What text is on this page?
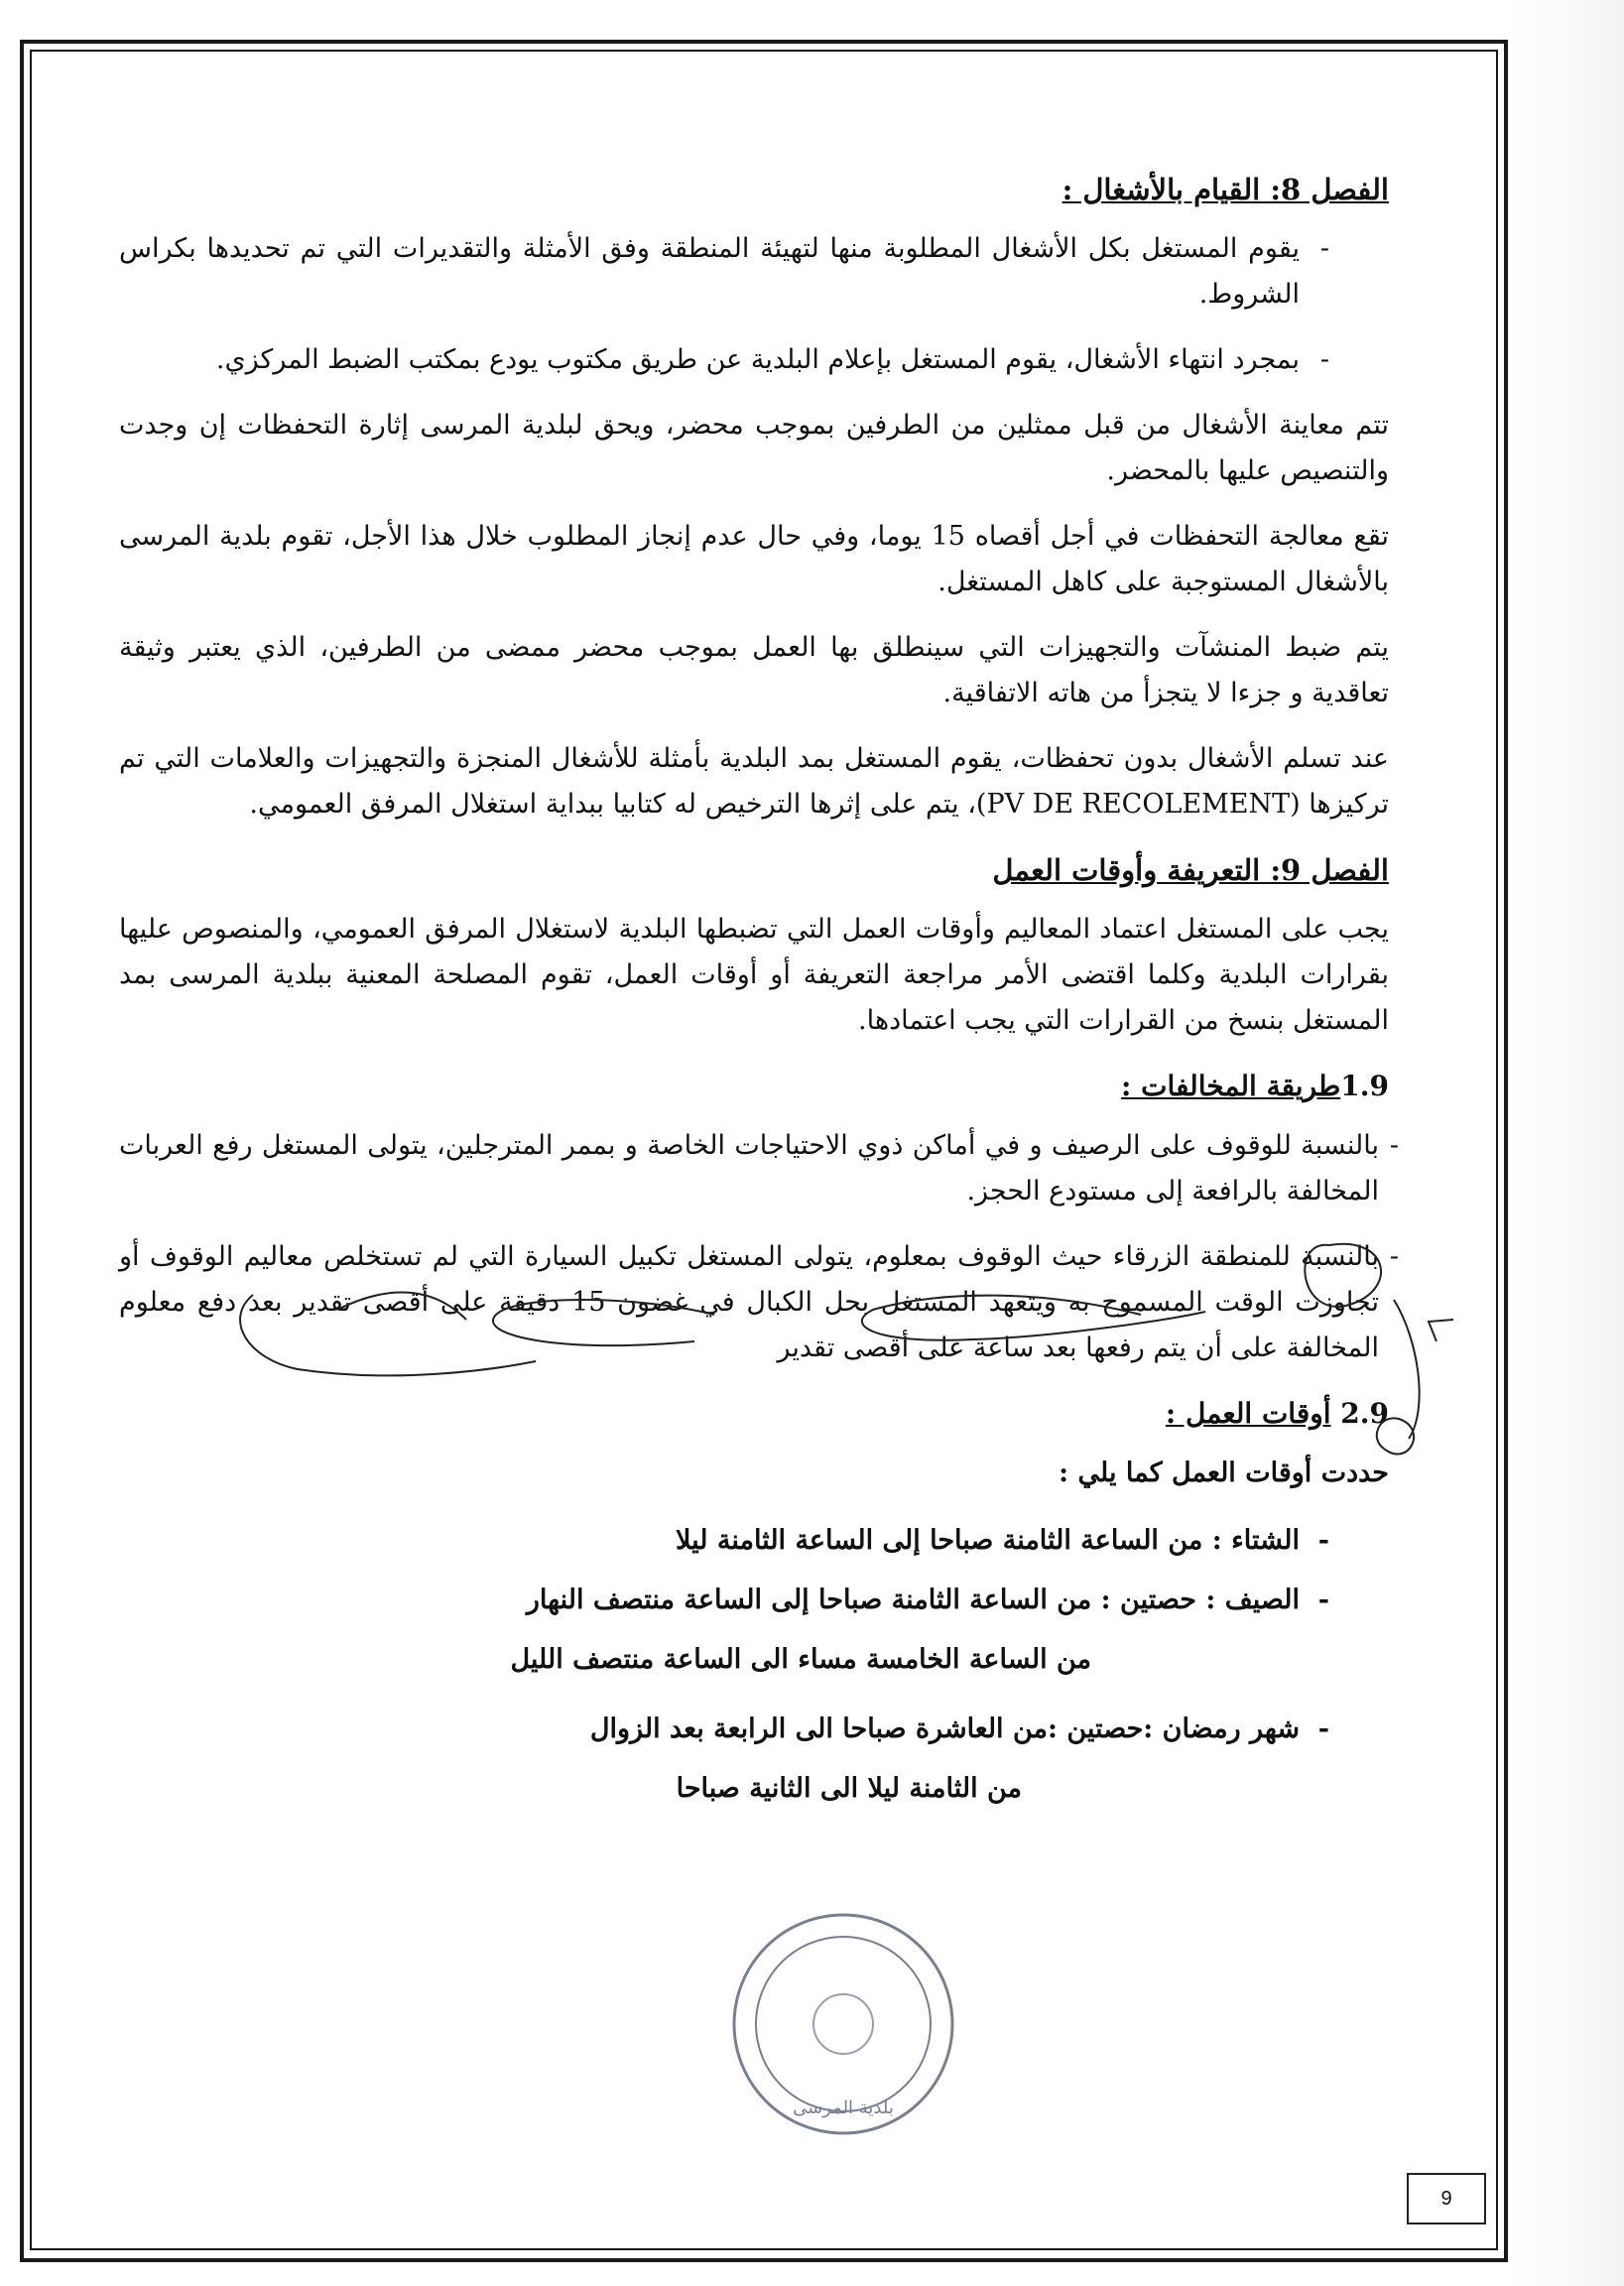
الفصل 8: القيام بالأشغال :
- يقوم المستغل بكل الأشغال المطلوبة منها لتهيئة المنطقة وفق الأمثلة والتقديرات التي تم تحديدها بكراس الشروط.
- بمجرد انتهاء الأشغال، يقوم المستغل بإعلام البلدية عن طريق مكتوب يودع بمكتب الضبط المركزي.
تتم معاينة الأشغال من قبل ممثلين من الطرفين بموجب محضر، ويحق لبلدية المرسى إثارة التحفظات إن وجدت والتنصيص عليها بالمحضر.
تقع معالجة التحفظات في أجل أقصاه 15 يوما، وفي حال عدم إنجاز المطلوب خلال هذا الأجل، تقوم بلدية المرسى بالأشغال المستوجبة على كاهل المستغل.
يتم ضبط المنشآت والتجهيزات التي سينطلق بها العمل بموجب محضر ممضى من الطرفين، الذي يعتبر وثيقة تعاقدية و جزءا لا يتجزأ من هاته الاتفاقية.
عند تسلم الأشغال بدون تحفظات، يقوم المستغل بمد البلدية بأمثلة للأشغال المنجزة والتجهيزات والعلامات التي تم تركيزها (PV DE RECOLEMENT)، يتم على إثرها الترخيص له كتابيا ببداية استغلال المرفق العمومي.
الفصل 9: التعريفة وأوقات العمل
يجب على المستغل اعتماد المعاليم وأوقات العمل التي تضبطها البلدية لاستغلال المرفق العمومي، والمنصوص عليها بقرارات البلدية وكلما اقتضى الأمر مراجعة التعريفة أو أوقات العمل، تقوم المصلحة المعنية ببلدية المرسى بمد المستغل بنسخ من القرارات التي يجب اعتمادها.
1.9طريقة المخالفات :
- بالنسبة للوقوف على الرصيف و في أماكن ذوي الاحتياجات الخاصة و بممر المترجلين، يتولى المستغل رفع العربات المخالفة بالرافعة إلى مستودع الحجز.
- بالنسبة للمنطقة الزرقاء حيث الوقوف بمعلوم، يتولى المستغل تكبيل السيارة التي لم تستخلص معاليم الوقوف أو تجاوزت الوقت المسموح به ويتعهد المستغل بحل الكبال في غضون 15 دقيقة على أقصى تقدير بعد دفع معلوم المخالفة على أن يتم رفعها بعد ساعة على أقصى تقدير
2.9 أوقات العمل :
حددت أوقات العمل كما يلي :
- الشتاء : من الساعة الثامنة صباحا إلى الساعة الثامنة ليلا
- الصيف : حصتين : من الساعة الثامنة صباحا إلى الساعة منتصف النهار
من الساعة الخامسة مساء الى الساعة منتصف الليل
- شهر رمضان :حصتين :من العاشرة صباحا الى الرابعة بعد الزوال
من الثامنة ليلا الى الثانية صباحا
بلدية المرسى
9
